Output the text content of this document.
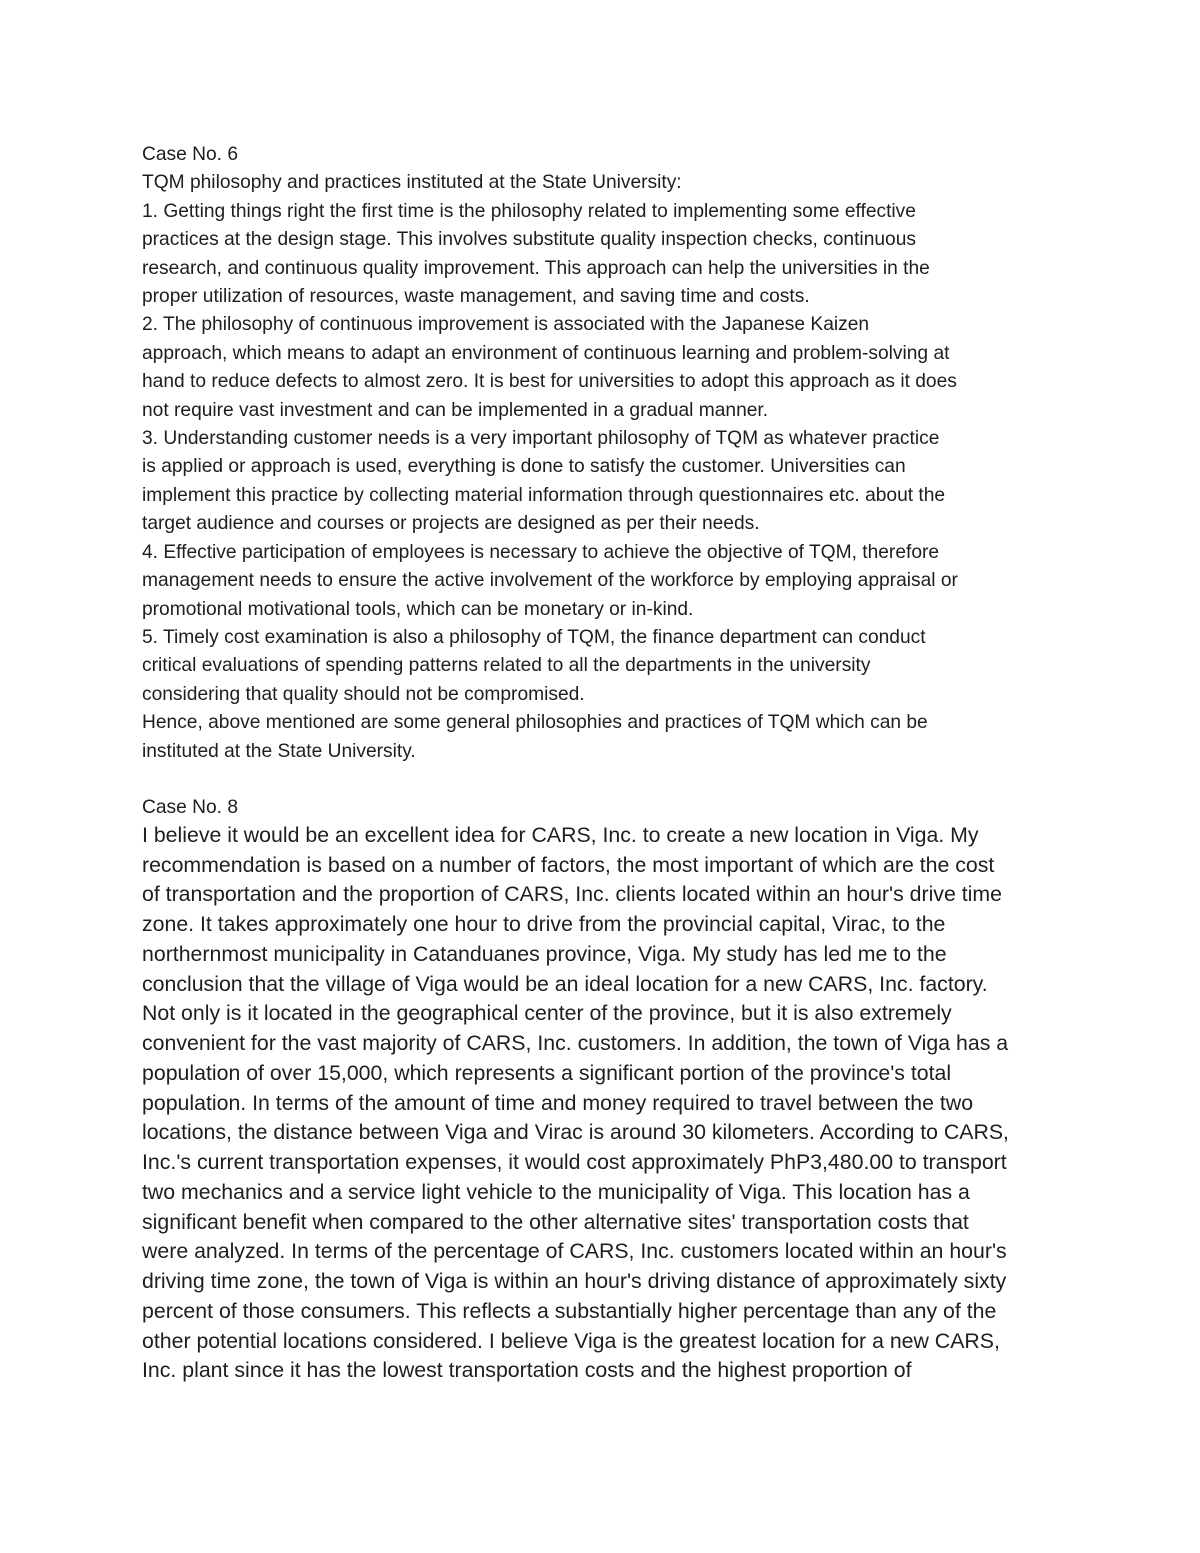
Case No. 6

TQM philosophy and practices instituted at the State University:

1. Getting things right the first time is the philosophy related to implementing some effective

practices at the design stage. This involves substitute quality inspection checks, continuous

research, and continuous quality improvement. This approach can help the universities in the

proper utilization of resources, waste management, and saving time and costs.

2. The philosophy of continuous improvement is associated with the Japanese Kaizen

approach, which means to adapt an environment of continuous learning and problem-solving at

hand to reduce defects to almost zero. It is best for universities to adopt this approach as it does

not require vast investment and can be implemented in a gradual manner.

3. Understanding customer needs is a very important philosophy of TQM as whatever practice

is applied or approach is used, everything is done to satisfy the customer. Universities can

implement this practice by collecting material information through questionnaires etc. about the

target audience and courses or projects are designed as per their needs.

4. Effective participation of employees is necessary to achieve the objective of TQM, therefore

management needs to ensure the active involvement of the workforce by employing appraisal or

promotional motivational tools, which can be monetary or in-kind.

5. Timely cost examination is also a philosophy of TQM, the finance department can conduct

critical evaluations of spending patterns related to all the departments in the university

considering that quality should not be compromised.

Hence, above mentioned are some general philosophies and practices of TQM which can be

instituted at the State University.

Case No. 8

I believe it would be an excellent idea for CARS, Inc. to create a new location in Viga. My

recommendation is based on a number of factors, the most important of which are the cost

of transportation and the proportion of CARS, Inc. clients located within an hour's drive time

zone. It takes approximately one hour to drive from the provincial capital, Virac, to the

northernmost municipality in Catanduanes province, Viga. My study has led me to the

conclusion that the village of Viga would be an ideal location for a new CARS, Inc. factory.

Not only is it located in the geographical center of the province, but it is also extremely

convenient for the vast majority of CARS, Inc. customers. In addition, the town of Viga has a

population of over 15,000, which represents a significant portion of the province's total

population. In terms of the amount of time and money required to travel between the two

locations, the distance between Viga and Virac is around 30 kilometers. According to CARS,

Inc.'s current transportation expenses, it would cost approximately PhP3,480.00 to transport

two mechanics and a service light vehicle to the municipality of Viga. This location has a

significant benefit when compared to the other alternative sites' transportation costs that

were analyzed. In terms of the percentage of CARS, Inc. customers located within an hour's

driving time zone, the town of Viga is within an hour's driving distance of approximately sixty

percent of those consumers. This reflects a substantially higher percentage than any of the

other potential locations considered. I believe Viga is the greatest location for a new CARS,

Inc. plant since it has the lowest transportation costs and the highest proportion of
